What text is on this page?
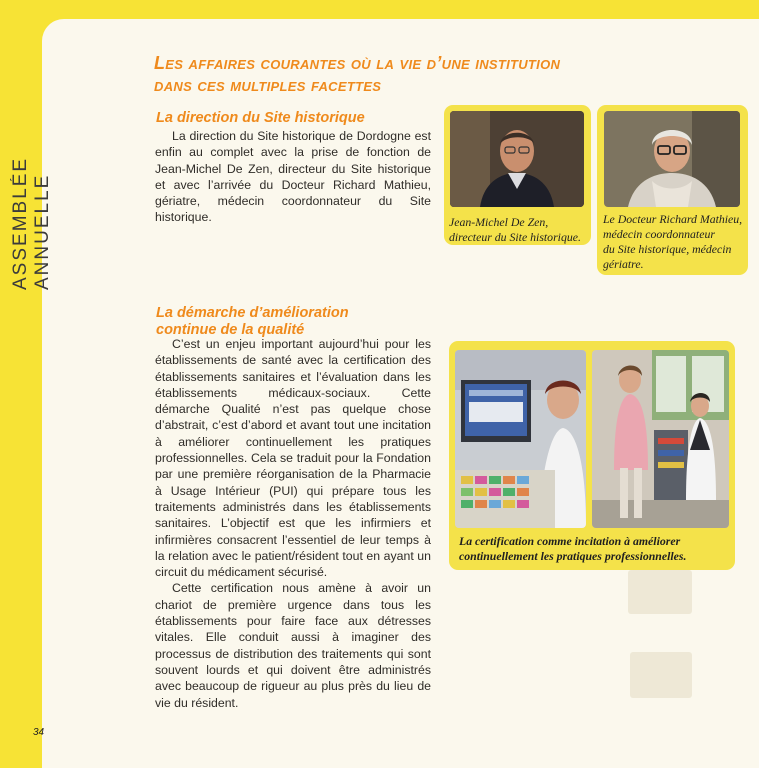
ASSEMBLÉE ANNUELLE
Les affaires courantes où la vie d’une institution
dans ces multiples facettes
La direction du Site historique

La direction du Site historique de Dordogne est enfin au complet avec la prise de fonction de Jean-Michel De Zen, directeur du Site historique et avec l’arrivée du Docteur Richard Mathieu, gériatre, médecin coordonnateur du Site historique.

La démarche d’amélioration
continue de la qualité

C’est un enjeu important aujourd’hui pour les établissements de santé avec la certification des établissements sanitaires et l’évaluation dans les établissements médicaux-sociaux. Cette démarche Qualité n’est pas quelque chose d’abstrait, c’est d’abord et avant tout une incitation à améliorer continuellement les pratiques professionnelles. Cela se traduit pour la Fondation par une première réorganisation de la Pharmacie à Usage Intérieur (PUI) qui prépare tous les traitements administrés dans les établissements sanitaires. L’objectif est que les infirmiers et infirmières consacrent l’essentiel de leur temps à la relation avec le patient/résident tout en ayant un circuit du médicament sécurisé.

Cette certification nous amène à avoir un chariot de première urgence dans tous les établissements pour faire face aux détresses vitales. Elle conduit aussi à imaginer des processus de distribution des traitements qui sont souvent lourds et qui doivent être administrés avec beaucoup de rigueur au plus près du lieu de vie du résident.

Jean-Michel De Zen,
directeur du Site historique.
Le Docteur Richard Mathieu,
médecin coordonnateur
du Site historique, médecin
gériatre.
La certification comme incitation à améliorer
continuellement les pratiques professionnelles.
34
